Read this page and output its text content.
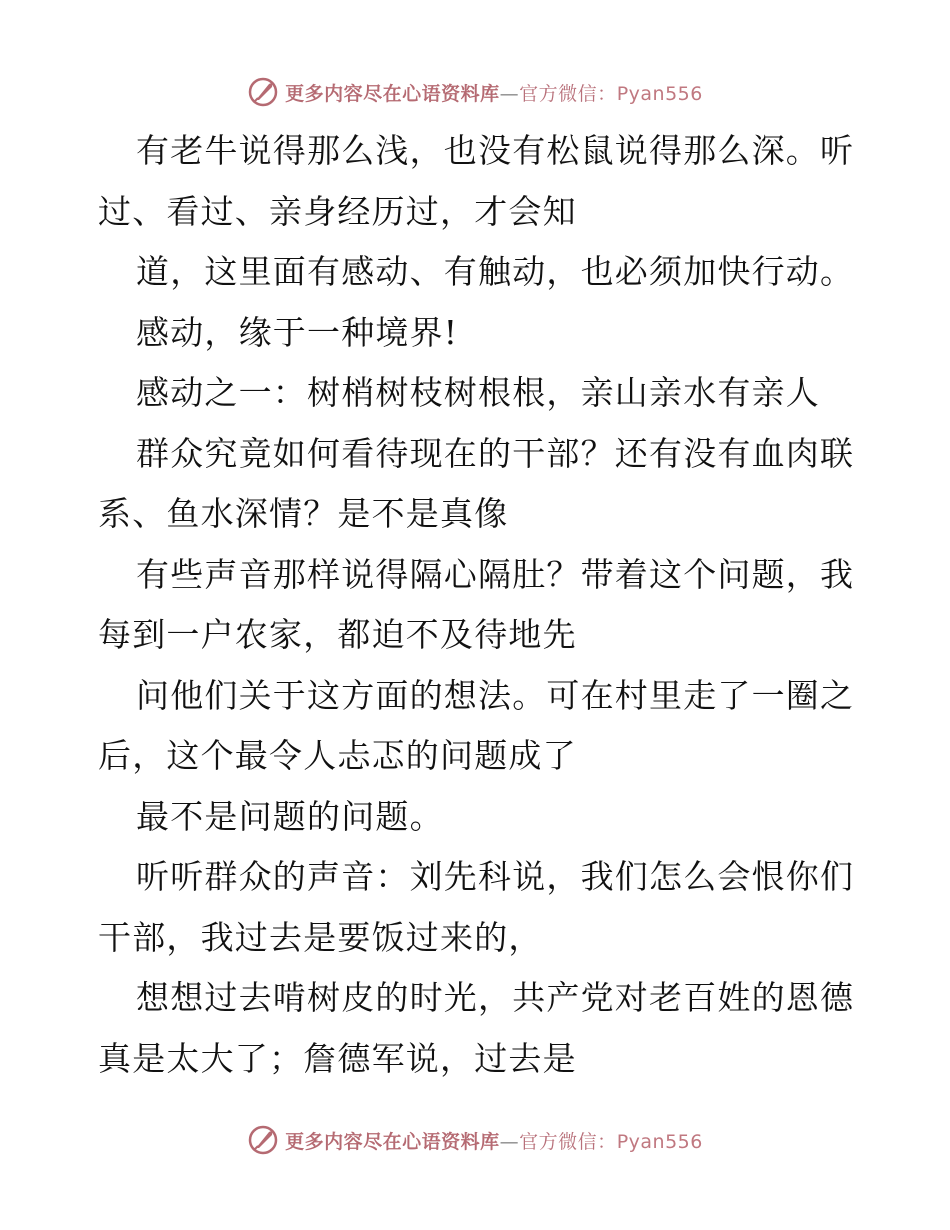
更多内容尽在心语资料库—官方微信：Pyan556
有老牛说得那么浅，也没有松鼠说得那么深。听
过、看过、亲身经历过，才会知
道，这里面有感动、有触动，也必须加快行动。
感动，缘于一种境界!
感动之一：树梢树枝树根根，亲山亲水有亲人
群众究竟如何看待现在的干部？还有没有血肉联
系、鱼水深情？是不是真像
有些声音那样说得隔心隔肚？带着这个问题，我
每到一户农家，都迫不及待地先
问他们关于这方面的想法。可在村里走了一圈之
后，这个最令人忐忑的问题成了
最不是问题的问题。
听听群众的声音：刘先科说，我们怎么会恨你们
干部，我过去是要饭过来的，
想想过去啃树皮的时光，共产党对老百姓的恩德
真是太大了；詹德军说，过去是
更多内容尽在心语资料库—官方微信：Pyan556
